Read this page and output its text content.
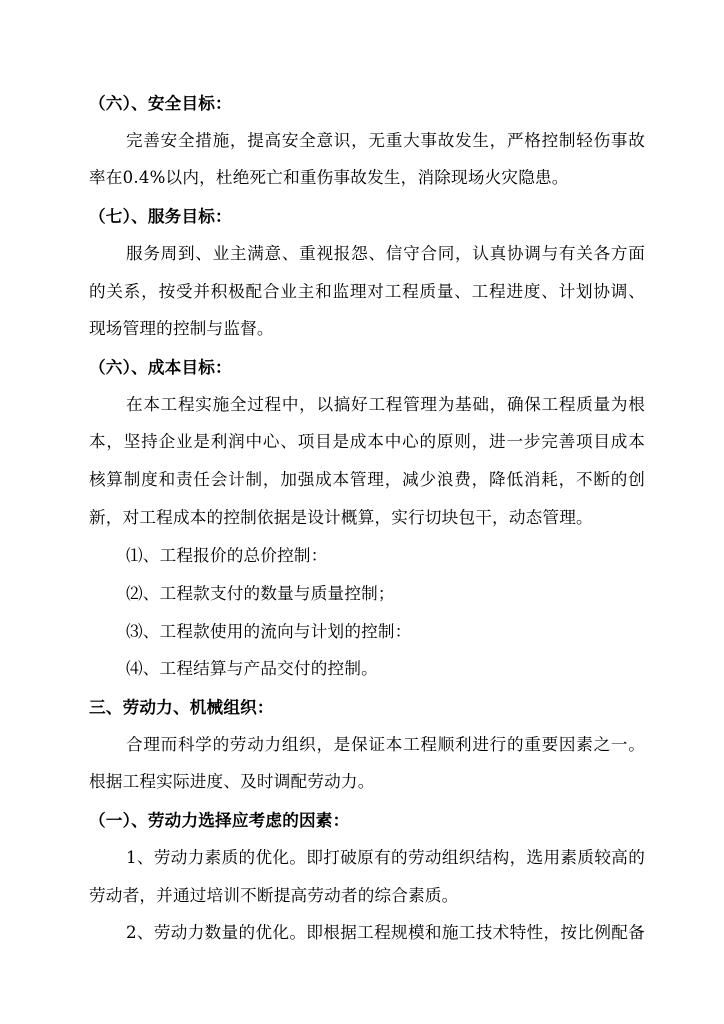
（六）、安全目标：
完善安全措施，提高安全意识，无重大事故发生，严格控制轻伤事故
率在0.4%以内，杜绝死亡和重伤事故发生，消除现场火灾隐患。
（七）、服务目标：
服务周到、业主满意、重视报怨、信守合同，认真协调与有关各方面
的关系，按受并积极配合业主和监理对工程质量、工程进度、计划协调、
现场管理的控制与监督。
（六）、成本目标：
在本工程实施全过程中，以搞好工程管理为基础，确保工程质量为根
本，坚持企业是利润中心、项目是成本中心的原则，进一步完善项目成本
核算制度和责任会计制，加强成本管理，减少浪费，降低消耗，不断的创
新，对工程成本的控制依据是设计概算，实行切块包干，动态管理。
⑴、工程报价的总价控制：
⑵、工程款支付的数量与质量控制；
⑶、工程款使用的流向与计划的控制：
⑷、工程结算与产品交付的控制。
三、劳动力、机械组织：
合理而科学的劳动力组织，是保证本工程顺利进行的重要因素之一。
根据工程实际进度、及时调配劳动力。
（一）、劳动力选择应考虑的因素：
1、劳动力素质的优化。即打破原有的劳动组织结构，选用素质较高的
劳动者，并通过培训不断提高劳动者的综合素质。
2、劳动力数量的优化。即根据工程规模和施工技术特性，按比例配备
